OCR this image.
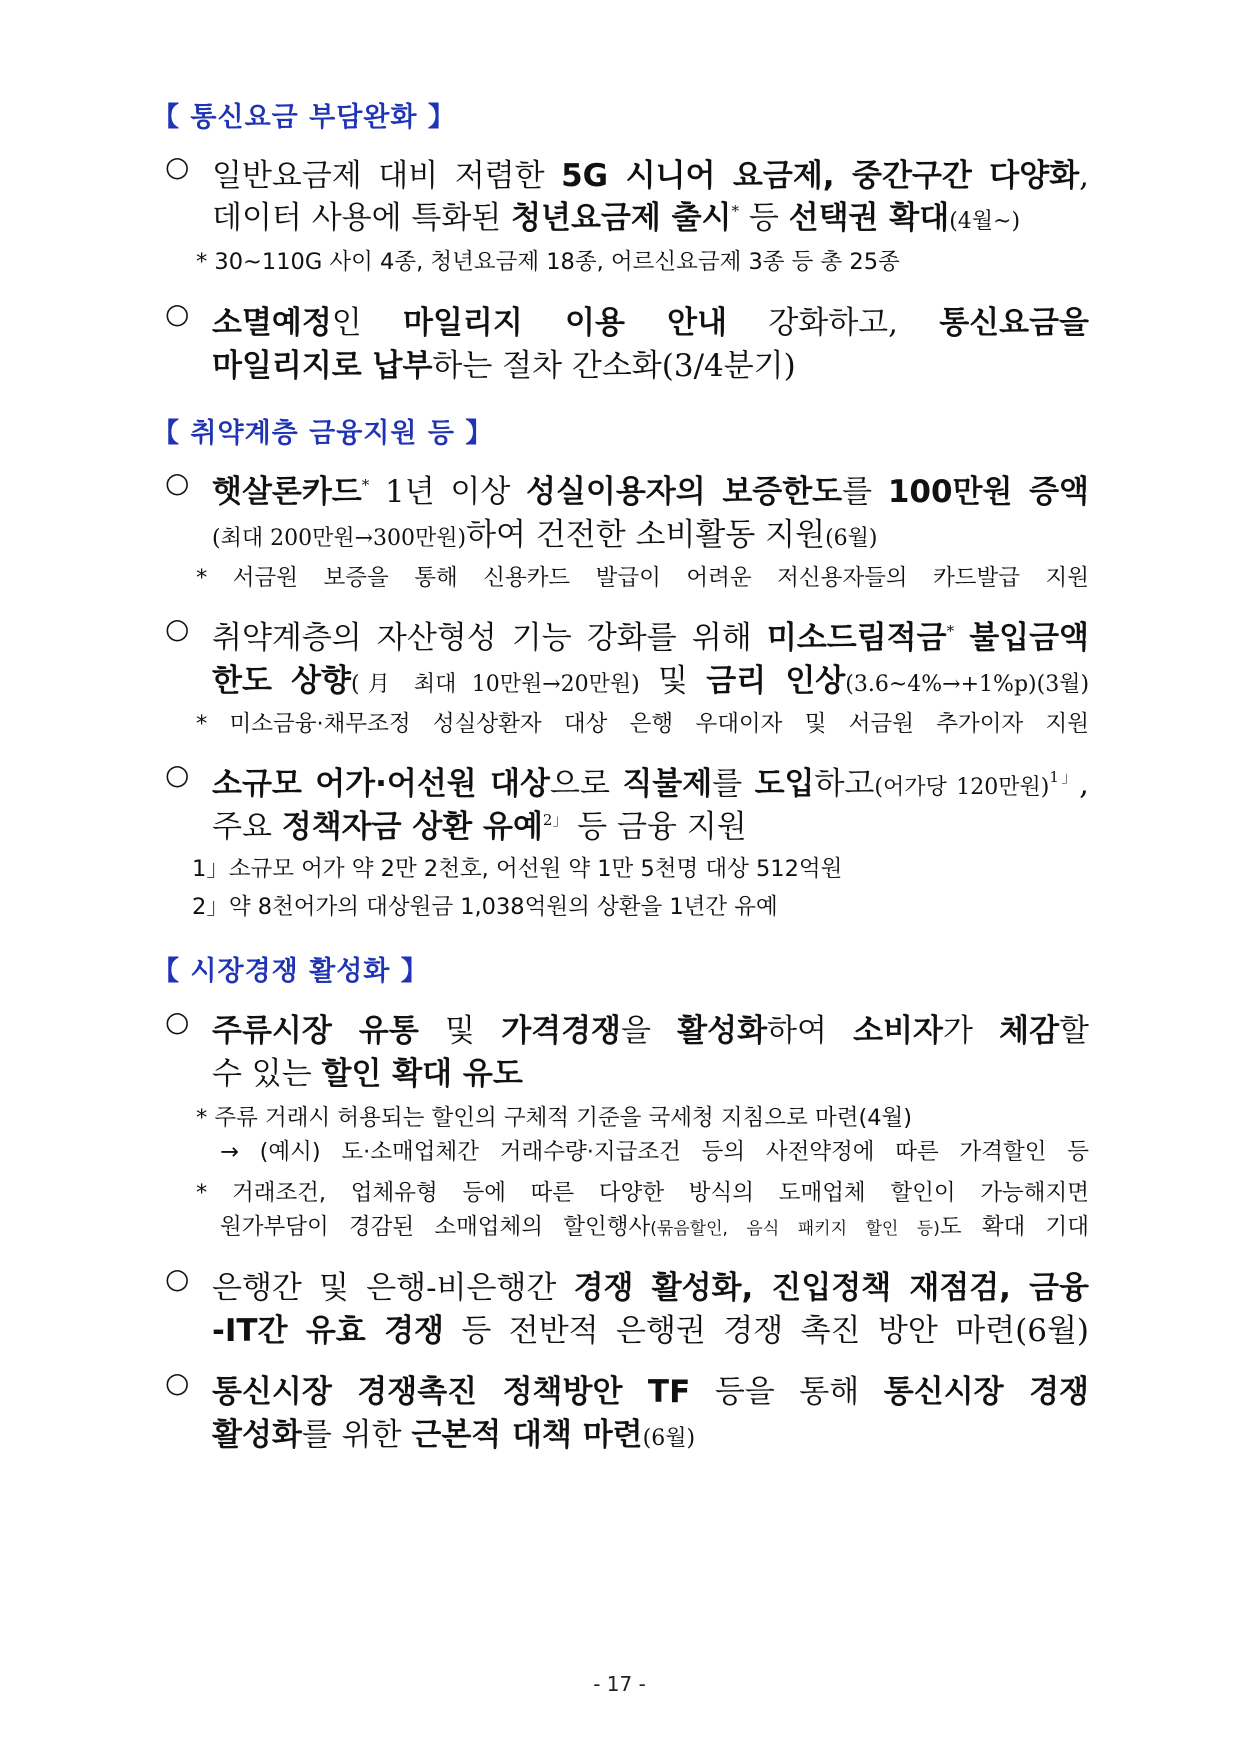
【 통신요금 부담완화 】
○ 일반요금제 대비 저렴한 5G 시니어 요금제, 중간구간 다양화,
데이터 사용에 특화된 청년요금제 출시* 등 선택권 확대(4월~)
* 30~110G 사이 4종, 청년요금제 18종, 어르신요금제 3종 등 총 25종
○ 소멸예정인 마일리지 이용 안내 강화하고, 통신요금을
마일리지로 납부하는 절차 간소화(3/4분기)
【 취약계층 금융지원 등 】
○ 햇살론카드* 1년 이상 성실이용자의 보증한도를 100만원 증액
(최대 200만원→300만원)하여 건전한 소비활동 지원(6월)
* 서금원 보증을 통해 신용카드 발급이 어려운 저신용자들의 카드발급 지원
○ 취약계층의 자산형성 기능 강화를 위해 미소드림적금* 불입금액
한도 상향(月 최대 10만원→20만원) 및 금리 인상(3.6~4%→+1%p)(3월)
* 미소금융·채무조정 성실상환자 대상 은행 우대이자 및 서금원 추가이자 지원
○ 소규모 어가·어선원 대상으로 직불제를 도입하고(어가당 120만원)$^{1」}$,
주요 정책자금 상환 유예$^{2」}$ 등 금융 지원
1」소규모 어가 약 2만 2천호, 어선원 약 1만 5천명 대상 512억원
2」약 8천어가의 대상원금 1,038억원의 상환을 1년간 유예
【 시장경쟁 활성화 】
○ 주류시장 유통 및 가격경쟁을 활성화하여 소비자가 체감할
수 있는 할인 확대 유도
* 주류 거래시 허용되는 할인의 구체적 기준을 국세청 지침으로 마련(4월)
→ (예시) 도·소매업체간 거래수량·지급조건 등의 사전약정에 따른 가격할인 등
* 거래조건, 업체유형 등에 따른 다양한 방식의 도매업체 할인이 가능해지면
원가부담이 경감된 소매업체의 할인행사(묶음할인, 음식 패키지 할인 등)도 확대 기대
○ 은행간 및 은행-비은행간 경쟁 활성화, 진입정책 재점검, 금융
-IT간 유효 경쟁 등 전반적 은행권 경쟁 촉진 방안 마련(6월)
○ 통신시장 경쟁촉진 정책방안 TF 등을 통해 통신시장 경쟁
활성화를 위한 근본적 대책 마련(6월)
- 17 -
